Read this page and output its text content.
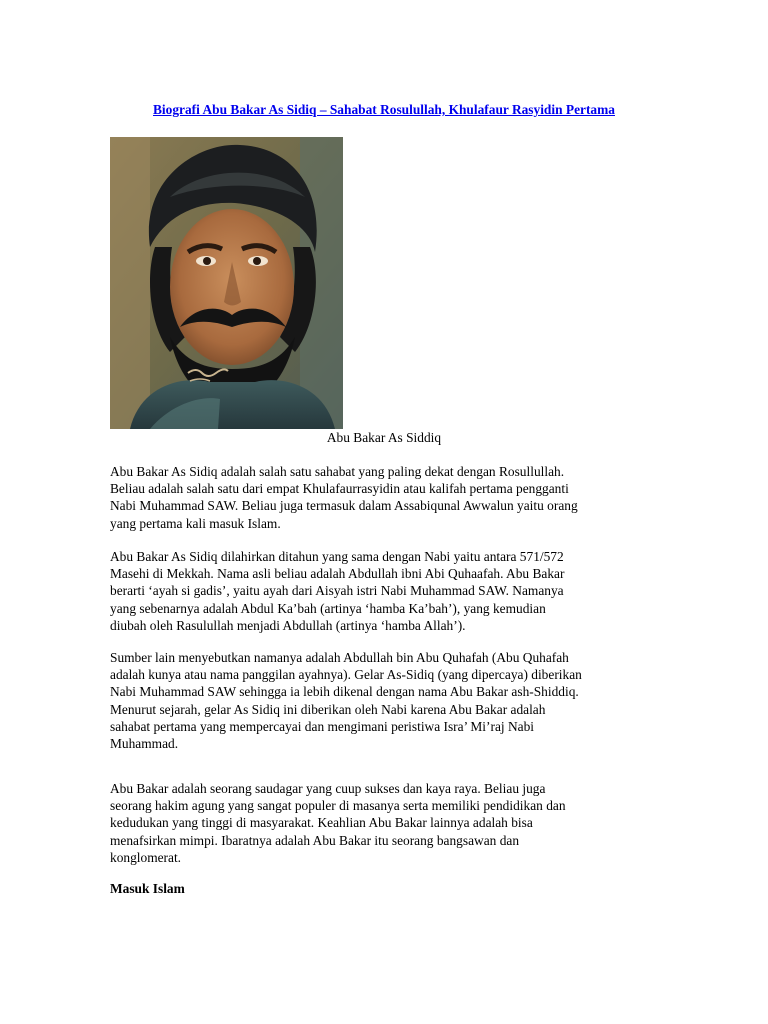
Biografi Abu Bakar As Sidiq – Sahabat Rosulullah, Khulafaur Rasyidin Pertama
Abu Bakar As Siddiq

Abu Bakar As Sidiq adalah salah satu sahabat yang paling dekat dengan Rosullullah.
Beliau adalah salah satu dari empat Khulafaurrasyidin atau kalifah pertama pengganti
Nabi Muhammad SAW. Beliau juga termasuk dalam Assabiqunal Awwalun yaitu orang
yang pertama kali masuk Islam.

Abu Bakar As Sidiq dilahirkan ditahun yang sama dengan Nabi yaitu antara 571/572
Masehi di Mekkah. Nama asli beliau adalah Abdullah ibni Abi Quhaafah. Abu Bakar
berarti ‘ayah si gadis’, yaitu ayah dari Aisyah istri Nabi Muhammad SAW. Namanya
yang sebenarnya adalah Abdul Ka’bah (artinya ‘hamba Ka’bah’), yang kemudian
diubah oleh Rasulullah menjadi Abdullah (artinya ‘hamba Allah’).

Sumber lain menyebutkan namanya adalah Abdullah bin Abu Quhafah (Abu Quhafah
adalah kunya atau nama panggilan ayahnya). Gelar As-Sidiq (yang dipercaya) diberikan
Nabi Muhammad SAW sehingga ia lebih dikenal dengan nama Abu Bakar ash-Shiddiq.
Menurut sejarah, gelar As Sidiq ini diberikan oleh Nabi karena Abu Bakar adalah
sahabat pertama yang mempercayai dan mengimani peristiwa Isra’ Mi’raj Nabi
Muhammad.

Abu Bakar adalah seorang saudagar yang cuup sukses dan kaya raya. Beliau juga
seorang hakim agung yang sangat populer di masanya serta memiliki pendidikan dan
kedudukan yang tinggi di masyarakat. Keahlian Abu Bakar lainnya adalah bisa
menafsirkan mimpi. Ibaratnya adalah Abu Bakar itu seorang bangsawan dan
konglomerat.

Masuk Islam
